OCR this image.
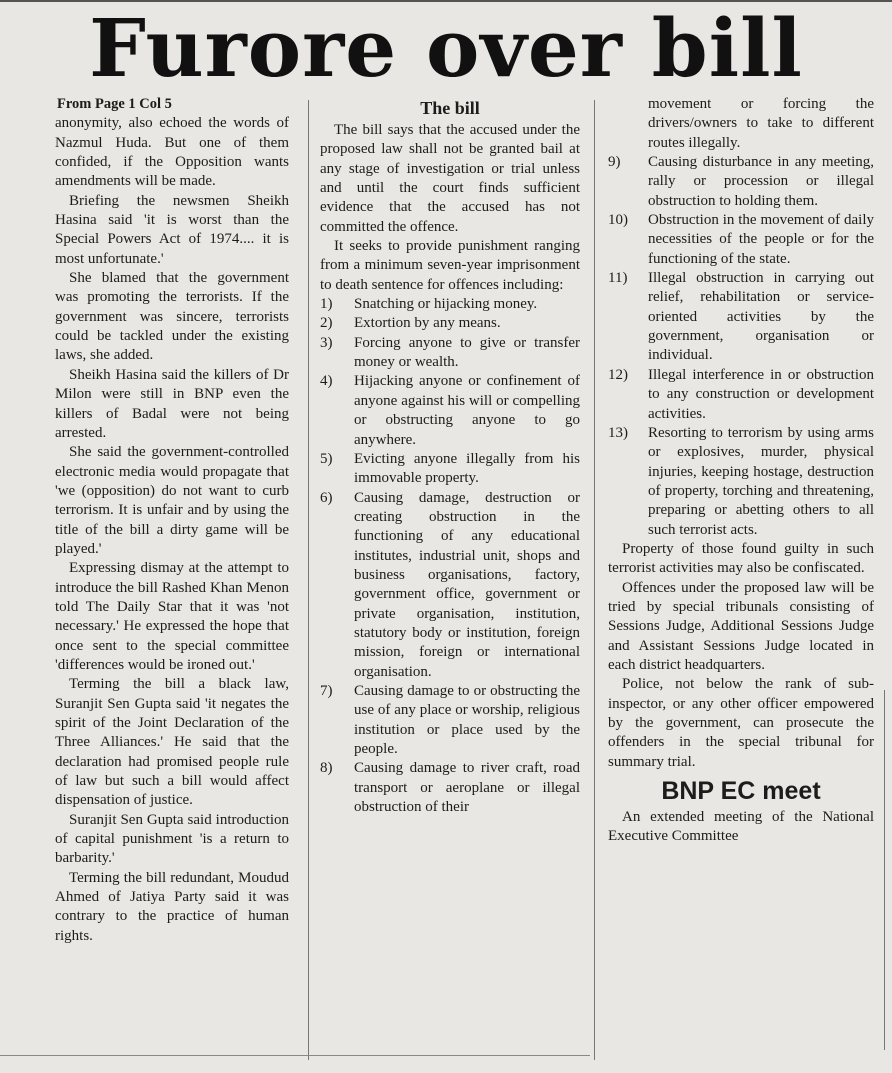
Furore over bill
From Page 1 Col 5

anonymity, also echoed the words of Nazmul Huda. But one of them confided, if the Opposition wants amendments will be made.

Briefing the newsmen Sheikh Hasina said 'it is worst than the Special Powers Act of 1974.... it is most unfortunate.'

She blamed that the government was promoting the terrorists. If the government was sincere, terrorists could be tackled under the existing laws, she added.

Sheikh Hasina said the killers of Dr Milon were still in BNP even the killers of Badal were not being arrested.

She said the government-controlled electronic media would propagate that 'we (opposition) do not want to curb terrorism. It is unfair and by using the title of the bill a dirty game will be played.'

Expressing dismay at the attempt to introduce the bill Rashed Khan Menon told The Daily Star that it was 'not necessary.' He expressed the hope that once sent to the special committee 'differences would be ironed out.'

Terming the bill a black law, Suranjit Sen Gupta said 'it negates the spirit of the Joint Declaration of the Three Alliances.' He said that the declaration had promised people rule of law but such a bill would affect dispensation of justice.

Suranjit Sen Gupta said introduction of capital punishment 'is a return to barbarity.'

Terming the bill redundant, Moudud Ahmed of Jatiya Party said it was contrary to the practice of human rights.

The bill

The bill says that the accused under the proposed law shall not be granted bail at any stage of investigation or trial unless and until the court finds sufficient evidence that the accused has not committed the offence.

It seeks to provide punishment ranging from a minimum seven-year imprisonment to death sentence for offences including:

1)	Snatching or hijacking money.
2)	Extortion by any means.
3)	Forcing anyone to give or transfer money or wealth.
4)	Hijacking anyone or confinement of anyone against his will or compelling or obstructing anyone to go anywhere.
5)	Evicting anyone illegally from his immovable property.
6)	Causing damage, destruction or creating obstruction in the functioning of any educational institutes, industrial unit, shops and business organisations, factory, government office, government or private organisation, institution, statutory body or institution, foreign mission, foreign or international organisation.
7)	Causing damage to or obstructing the use of any place or worship, religious institution or place used by the people.
8)	Causing damage to river craft, road transport or aeroplane or illegal obstruction of their

movement or forcing the drivers/owners to take to different routes illegally.

9)	Causing disturbance in any meeting, rally or procession or illegal obstruction to holding them.
10)	Obstruction in the movement of daily necessities of the people or for the functioning of the state.
11)	Illegal obstruction in carrying out relief, rehabilitation or service-oriented activities by the government, organisation or individual.
12)	Illegal interference in or obstruction to any construction or development activities.
13)	Resorting to terrorism by using arms or explosives, murder, physical injuries, keeping hostage, destruction of property, torching and threatening, preparing or abetting others to all such terrorist acts.

Property of those found guilty in such terrorist activities may also be confiscated.

Offences under the proposed law will be tried by special tribunals consisting of Sessions Judge, Additional Sessions Judge and Assistant Sessions Judge located in each district headquarters.

Police, not below the rank of sub-inspector, or any other officer empowered by the government, can prosecute the offenders in the special tribunal for summary trial.

BNP EC meet

An extended meeting of the National Executive Committee
